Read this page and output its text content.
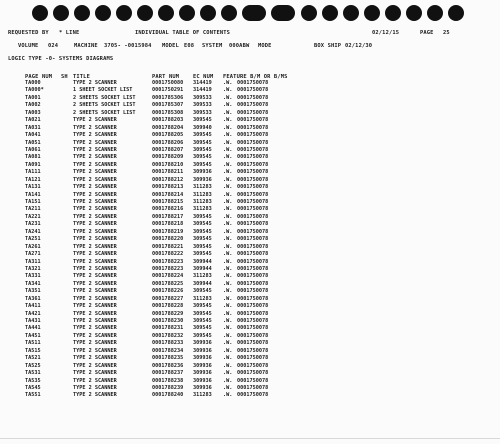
REQUESTED BY * LINE	INDIVIDUAL TABLE OF CONTENTS	02/12/15	PAGE 25
VOLUME 024	MACHINE 3705- -0015984 MODEL E08 SYSTEM 000ABW MODE	BOX SHIP 02/12/30
LOGIC TYPE -0- SYSTEMS DIAGRAMS
PAGE NUM SH TITLE	PART NUM	EC NUM FEATURE B/M OR B/MS
TA000	TYPE 2 SCANNER	0001750080 314419 .W. 0001750078
TA000*	1 SHEET SOCKET LIST	0001750291 314419 .W. 0001750078
TA001	2 SHEETS SOCKET LIST	0001785306 309533 .W. 0001750078
TA002	2 SHEETS SOCKET LIST	0001785307 309533 .W. 0001750078
TA003	2 SHEETS SOCKET LIST	0001785308 309533 .W. 0001750078
TA021	TYPE 2 SCANNER	0001788203 309545 .W. 0001750078
TA031	TYPE 2 SCANNER	0001788204 309940 .W. 0001750078
TA041	TYPE 2 SCANNER	0001788205 309545 .W. 0001750078
TA051	TYPE 2 SCANNER	0001788206 309545 .W. 0001750078
TA061	TYPE 2 SCANNER	0001788207 309545 .W. 0001750078
TA081	TYPE 2 SCANNER	0001788209 309545 .W. 0001750078
TA091	TYPE 2 SCANNER	0001788210 309545 .W. 0001750078
TA111	TYPE 2 SCANNER	0001788211 309936 .W. 0001750078
TA121	TYPE 2 SCANNER	0001788212 309936 .W. 0001750078
TA131	TYPE 2 SCANNER	0001788213 311283 .W. 0001750078
TA141	TYPE 2 SCANNER	0001788214 311283 .W. 0001750078
TA151	TYPE 2 SCANNER	0001788215 311283 .W. 0001750078
TA211	TYPE 2 SCANNER	0001788216 311283 .W. 0001750078
TA221	TYPE 2 SCANNER	0001788217 309545 .W. 0001750078
TA231	TYPE 2 SCANNER	0001788218 309545 .W. 0001750078
TA241	TYPE 2 SCANNER	0001788219 309545 .W. 0001750078
TA251	TYPE 2 SCANNER	0001788220 309545 .W. 0001750078
TA261	TYPE 2 SCANNER	0001788221 309545 .W. 0001750078
TA271	TYPE 2 SCANNER	0001788222 309545 .W. 0001750078
TA311	TYPE 2 SCANNER	0001788223 309944 .W. 0001750078
TA321	TYPE 2 SCANNER	0001788223 309944 .W. 0001750078
TA331	TYPE 2 SCANNER	0001788224 311283 .W. 0001750078
TA341	TYPE 2 SCANNER	0001788225 309944 .W. 0001750078
TA351	TYPE 2 SCANNER	0001788226 309545 .W. 0001750078
TA361	TYPE 2 SCANNER	0001788227 311283 .W. 0001750078
TA411	TYPE 2 SCANNER	0001788228 309545 .W. 0001750078
TA421	TYPE 2 SCANNER	0001788229 309545 .W. 0001750078
TA431	TYPE 2 SCANNER	0001788230 309545 .W. 0001750078
TA441	TYPE 2 SCANNER	0001788231 309545 .W. 0001750078
TA451	TYPE 2 SCANNER	0001788232 309545 .W. 0001750078
TA511	TYPE 2 SCANNER	0001788233 309936 .W. 0001750078
TA515	TYPE 2 SCANNER	0001788234 309936 .W. 0001750078
TA521	TYPE 2 SCANNER	0001788235 309936 .W. 0001750078
TA525	TYPE 2 SCANNER	0001788236 309936 .W. 0001750078
TA531	TYPE 2 SCANNER	0001788237 309936 .W. 0001750078
TA535	TYPE 2 SCANNER	0001788238 309936 .W. 0001750078
TA545	TYPE 2 SCANNER	0001788239 309936 .W. 0001750078
TA551	TYPE 2 SCANNER	0001788240 311283 .W. 0001750078
